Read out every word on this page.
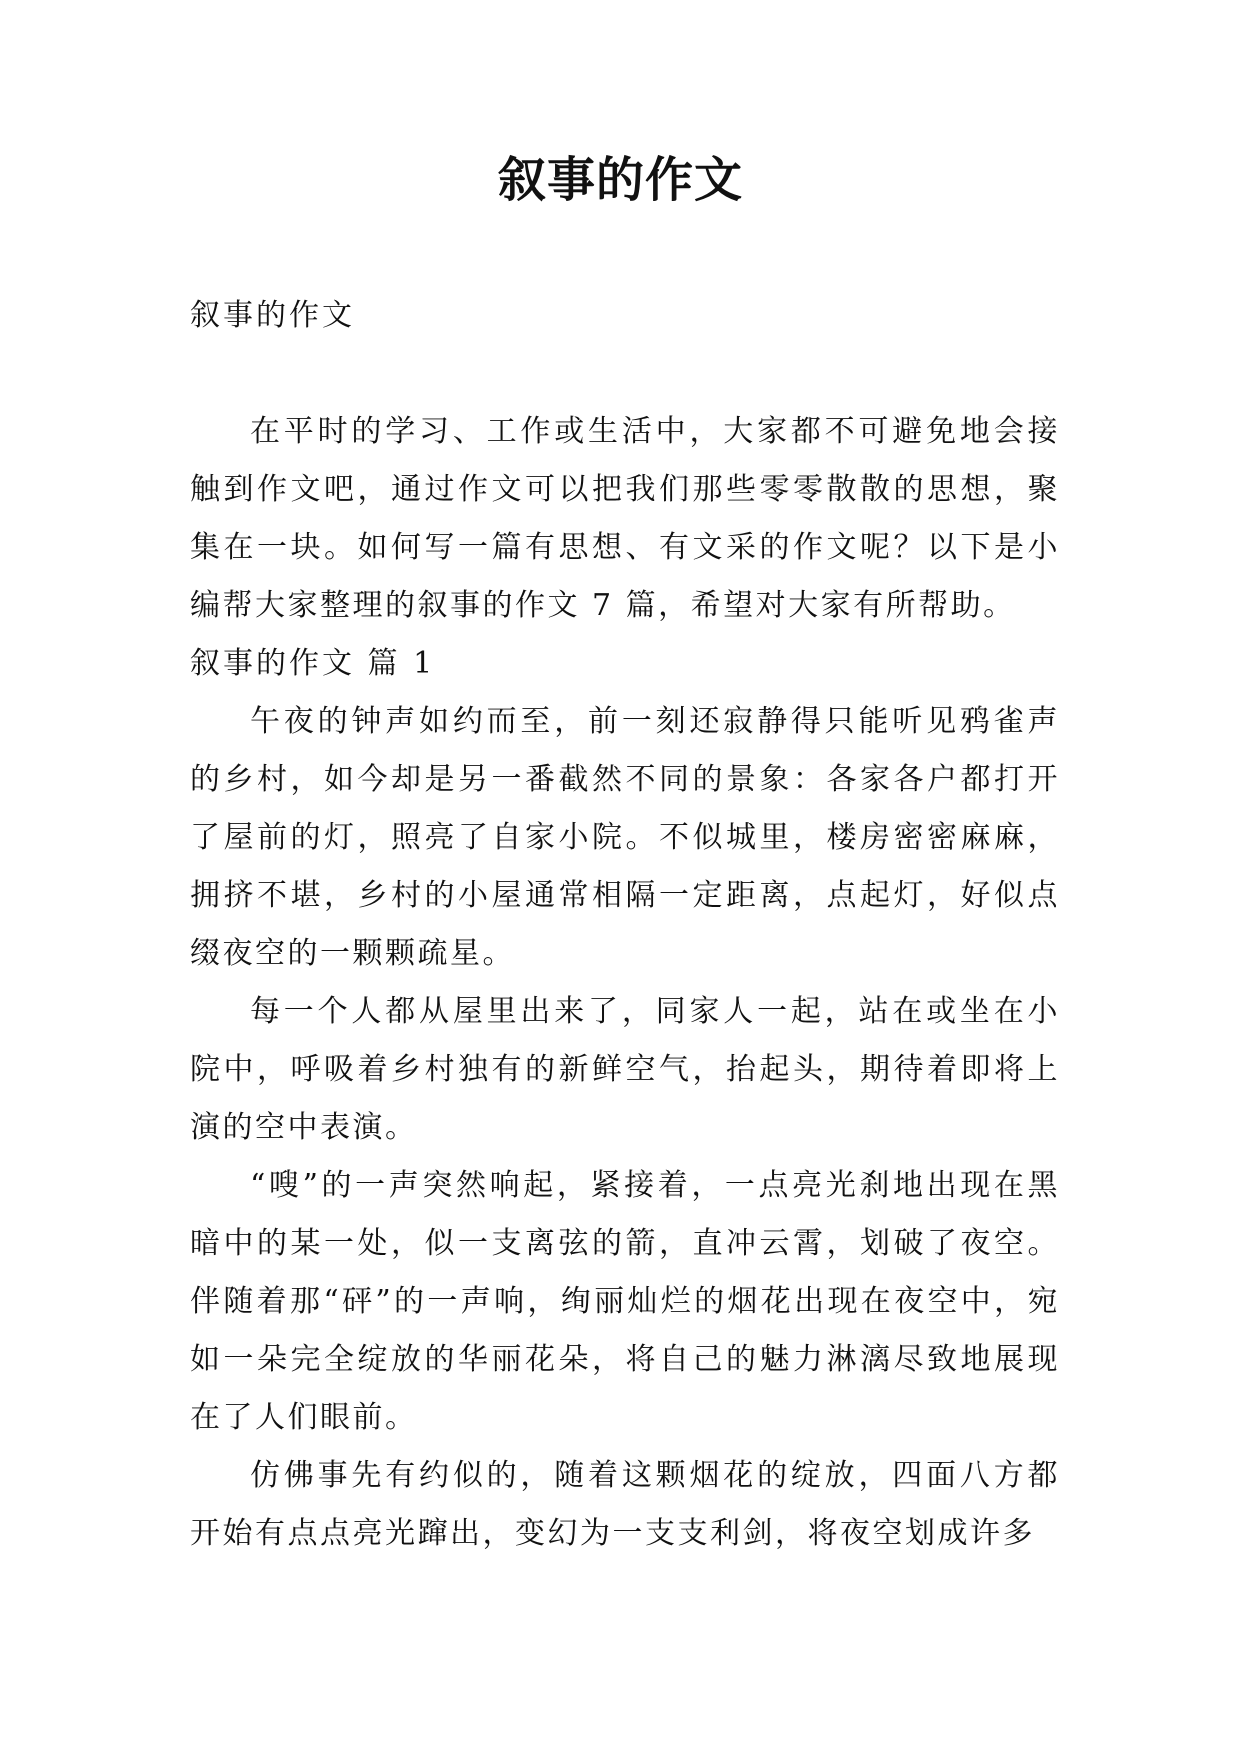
叙事的作文

叙事的作文

在平时的学习、工作或生活中，大家都不可避免地会接触到作文吧，通过作文可以把我们那些零零散散的思想，聚集在一块。如何写一篇有思想、有文采的作文呢？以下是小编帮大家整理的叙事的作文 7 篇，希望对大家有所帮助。

叙事的作文 篇 1

午夜的钟声如约而至，前一刻还寂静得只能听见鸦雀声的乡村，如今却是另一番截然不同的景象：各家各户都打开了屋前的灯，照亮了自家小院。不似城里，楼房密密麻麻，拥挤不堪，乡村的小屋通常相隔一定距离，点起灯，好似点缀夜空的一颗颗疏星。

每一个人都从屋里出来了，同家人一起，站在或坐在小院中，呼吸着乡村独有的新鲜空气，抬起头，期待着即将上演的空中表演。

“嗖”的一声突然响起，紧接着，一点亮光刹地出现在黑暗中的某一处，似一支离弦的箭，直冲云霄，划破了夜空。伴随着那“砰”的一声响，绚丽灿烂的烟花出现在夜空中，宛如一朵完全绽放的华丽花朵，将自己的魅力淋漓尽致地展现在了人们眼前。

仿佛事先有约似的，随着这颗烟花的绽放，四面八方都开始有点点亮光蹿出，变幻为一支支利剑，将夜空划成许多
